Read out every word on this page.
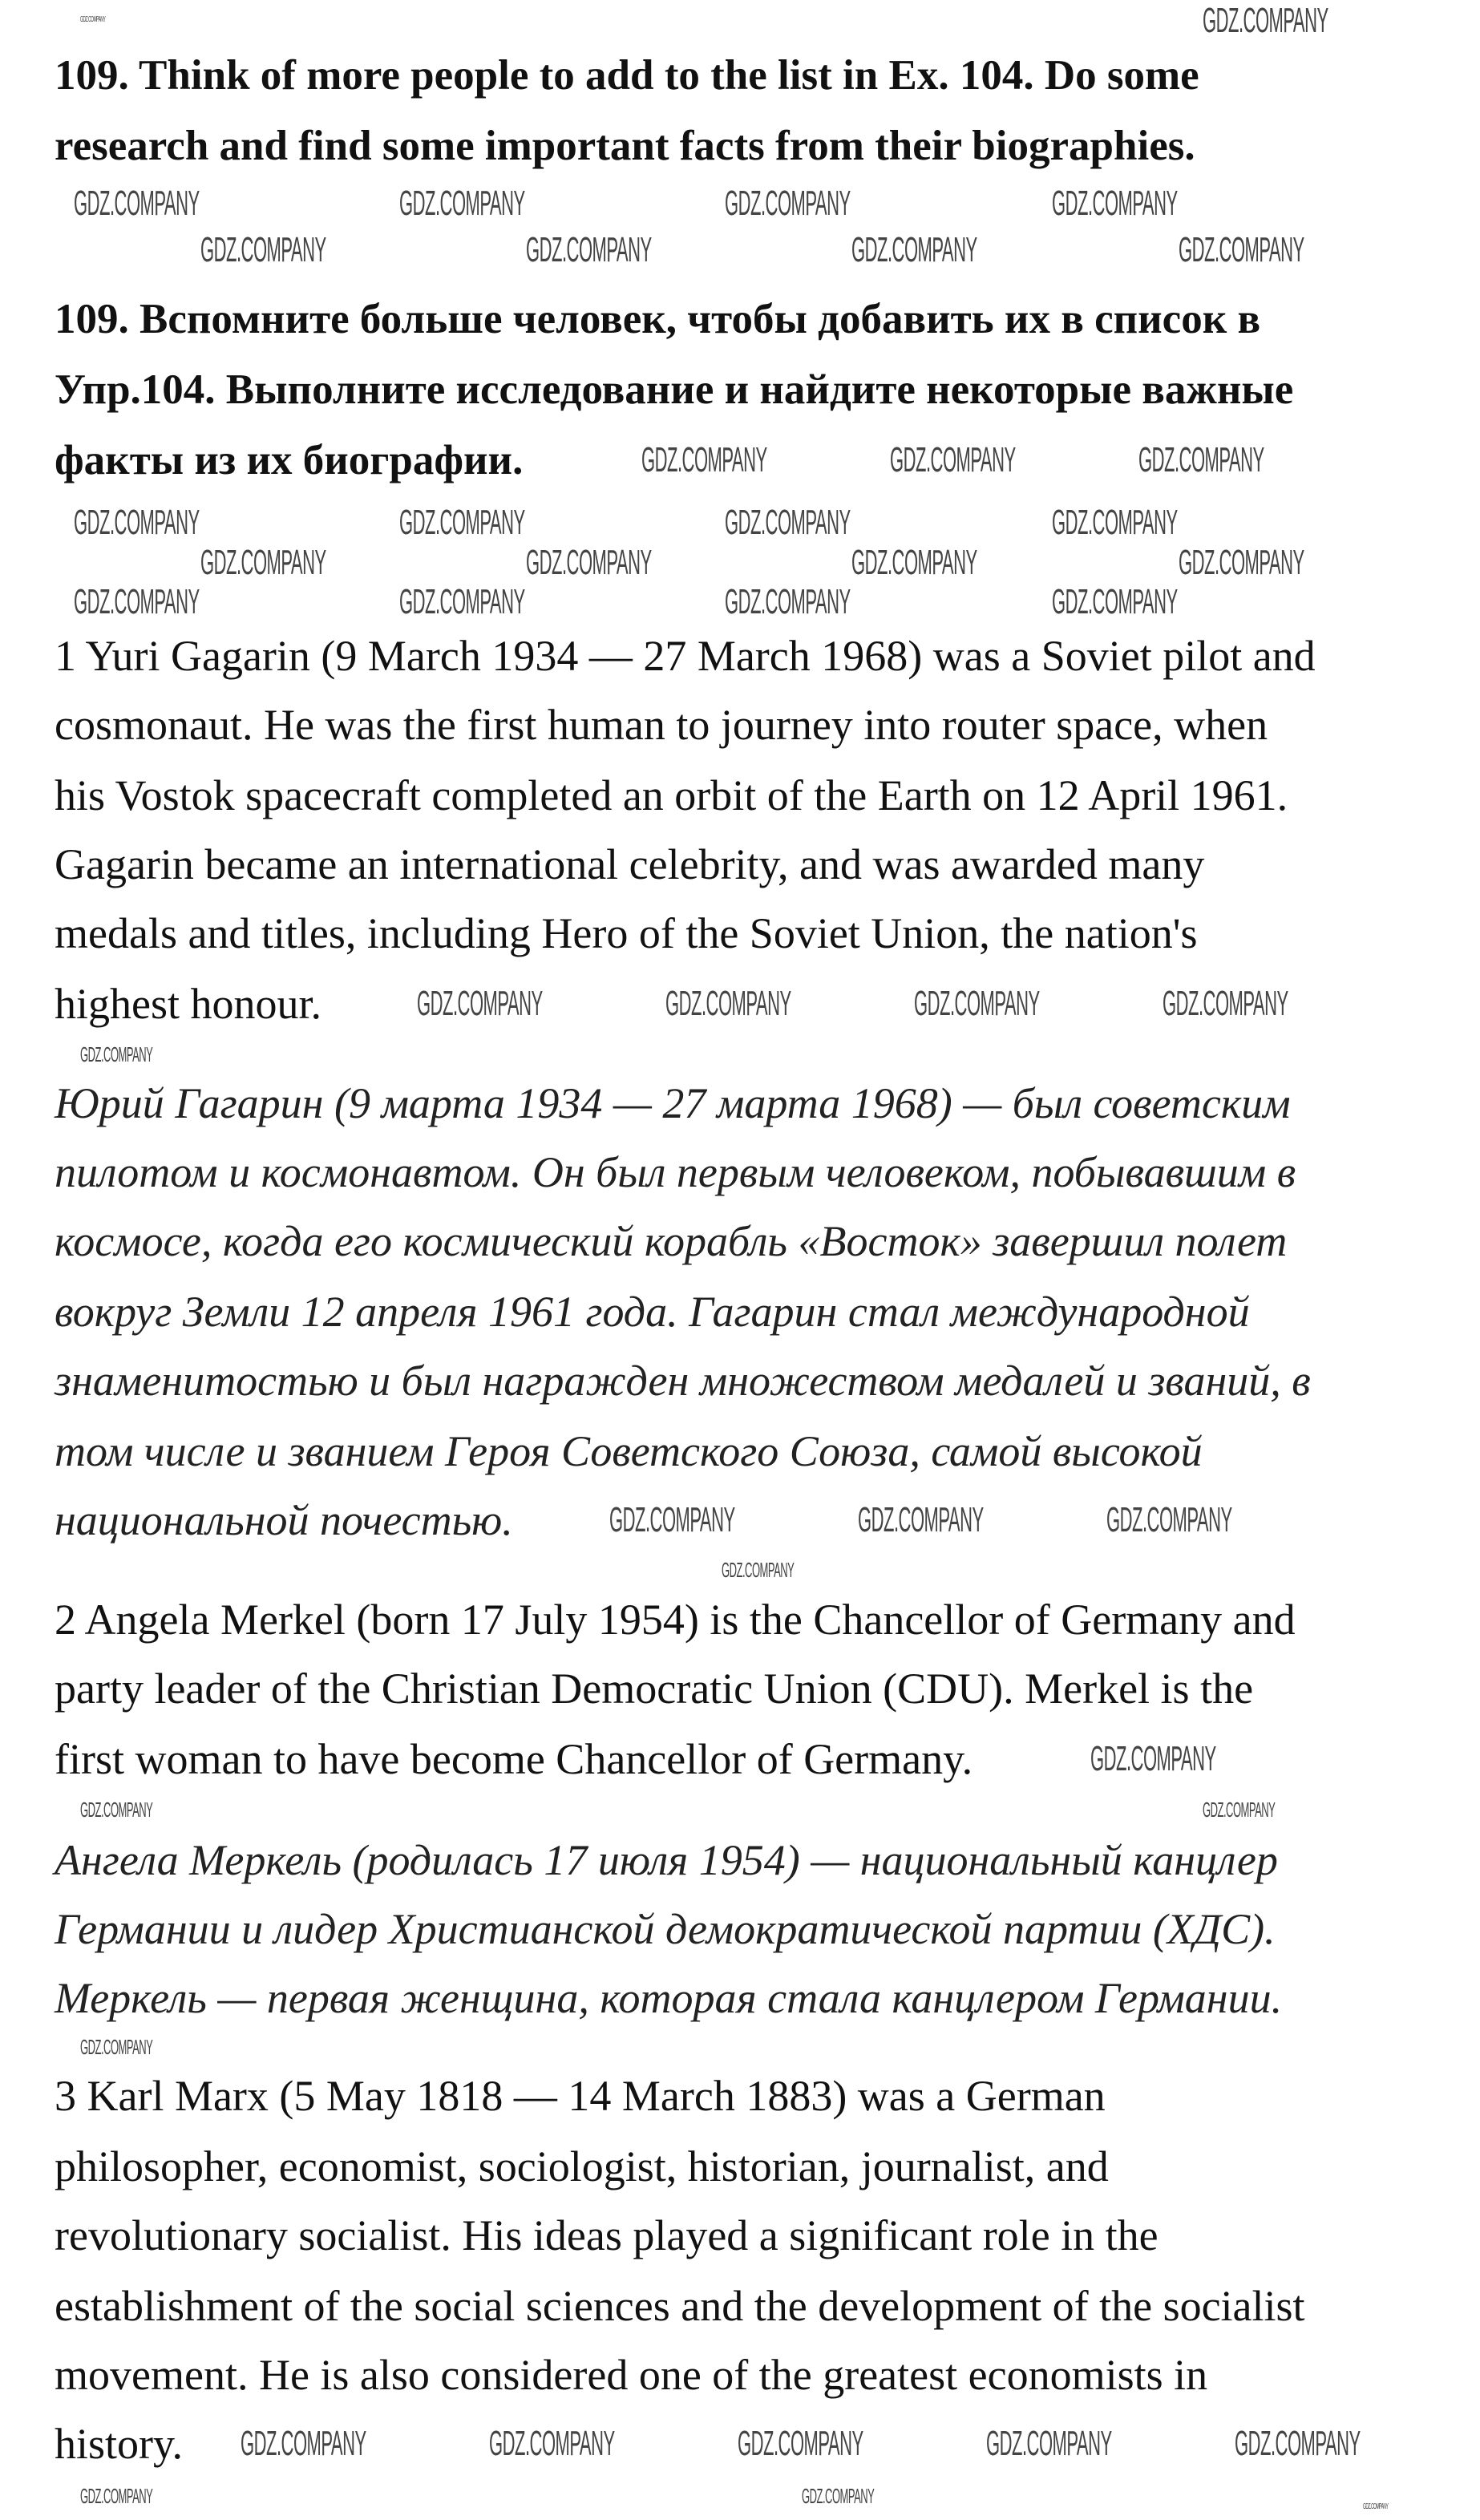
109. Think of more people to add to the list in Ex. 104. Do some
research and find some important facts from their biographies.
109. Вспомните больше человек, чтобы добавить их в список в
Упр.104. Выполните исследование и найдите некоторые важные
факты из их биографии.
1 Yuri Gagarin (9 March 1934 — 27 March 1968) was a Soviet pilot and
cosmonaut. He was the first human to journey into router space, when
his Vostok spacecraft completed an orbit of the Earth on 12 April 1961.
Gagarin became an international celebrity, and was awarded many
medals and titles, including Hero of the Soviet Union, the nation's
highest honour.
Юрий Гагарин (9 марта 1934 — 27 марта 1968) — был советским
пилотом и космонавтом. Он был первым человеком, побывавшим в
космосе, когда его космический корабль «Восток» завершил полет
вокруг Земли 12 апреля 1961 года. Гагарин стал международной
знаменитостью и был награжден множеством медалей и званий, в
том числе и званием Героя Советского Союза, самой высокой
национальной почестью.
2 Angela Merkel (born 17 July 1954) is the Chancellor of Germany and
party leader of the Christian Democratic Union (CDU). Merkel is the
first woman to have become Chancellor of Germany.
Ангела Меркель (родилась 17 июля 1954) — национальный канцлер
Германии и лидер Христианской демократической партии (ХДС).
Меркель — первая женщина, которая стала канцлером Германии.
3 Karl Marx (5 May 1818 — 14 March 1883) was a German
philosopher, economist, sociologist, historian, journalist, and
revolutionary socialist. His ideas played a significant role in the
establishment of the social sciences and the development of the socialist
movement. He is also considered one of the greatest economists in
history.
GDZ.COMPANY
GDZ.COMPANY	GDZ.COMPANY	GDZ.COMPANY	GDZ.COMPANY
GDZ.COMPANY	GDZ.COMPANY	GDZ.COMPANY	GDZ.COMPANY
GDZ.COMPANY	GDZ.COMPANY	GDZ.COMPANY
GDZ.COMPANY	GDZ.COMPANY	GDZ.COMPANY	GDZ.COMPANY
GDZ.COMPANY	GDZ.COMPANY	GDZ.COMPANY	GDZ.COMPANY
GDZ.COMPANY	GDZ.COMPANY	GDZ.COMPANY	GDZ.COMPANY
GDZ.COMPANY	GDZ.COMPANY	GDZ.COMPANY	GDZ.COMPANY
GDZ.COMPANY	GDZ.COMPANY	GDZ.COMPANY
GDZ.COMPANY
GDZ.COMPANY	GDZ.COMPANY	GDZ.COMPANY	GDZ.COMPANY	GDZ.COMPANY
GDZ.COMPANY
GDZ.COMPANY
GDZ.COMPANY	GDZ.COMPANY
GDZ.COMPANY
GDZ.COMPANY	GDZ.COMPANY
GDZ.COMPANY
GDZ.COMPANY
